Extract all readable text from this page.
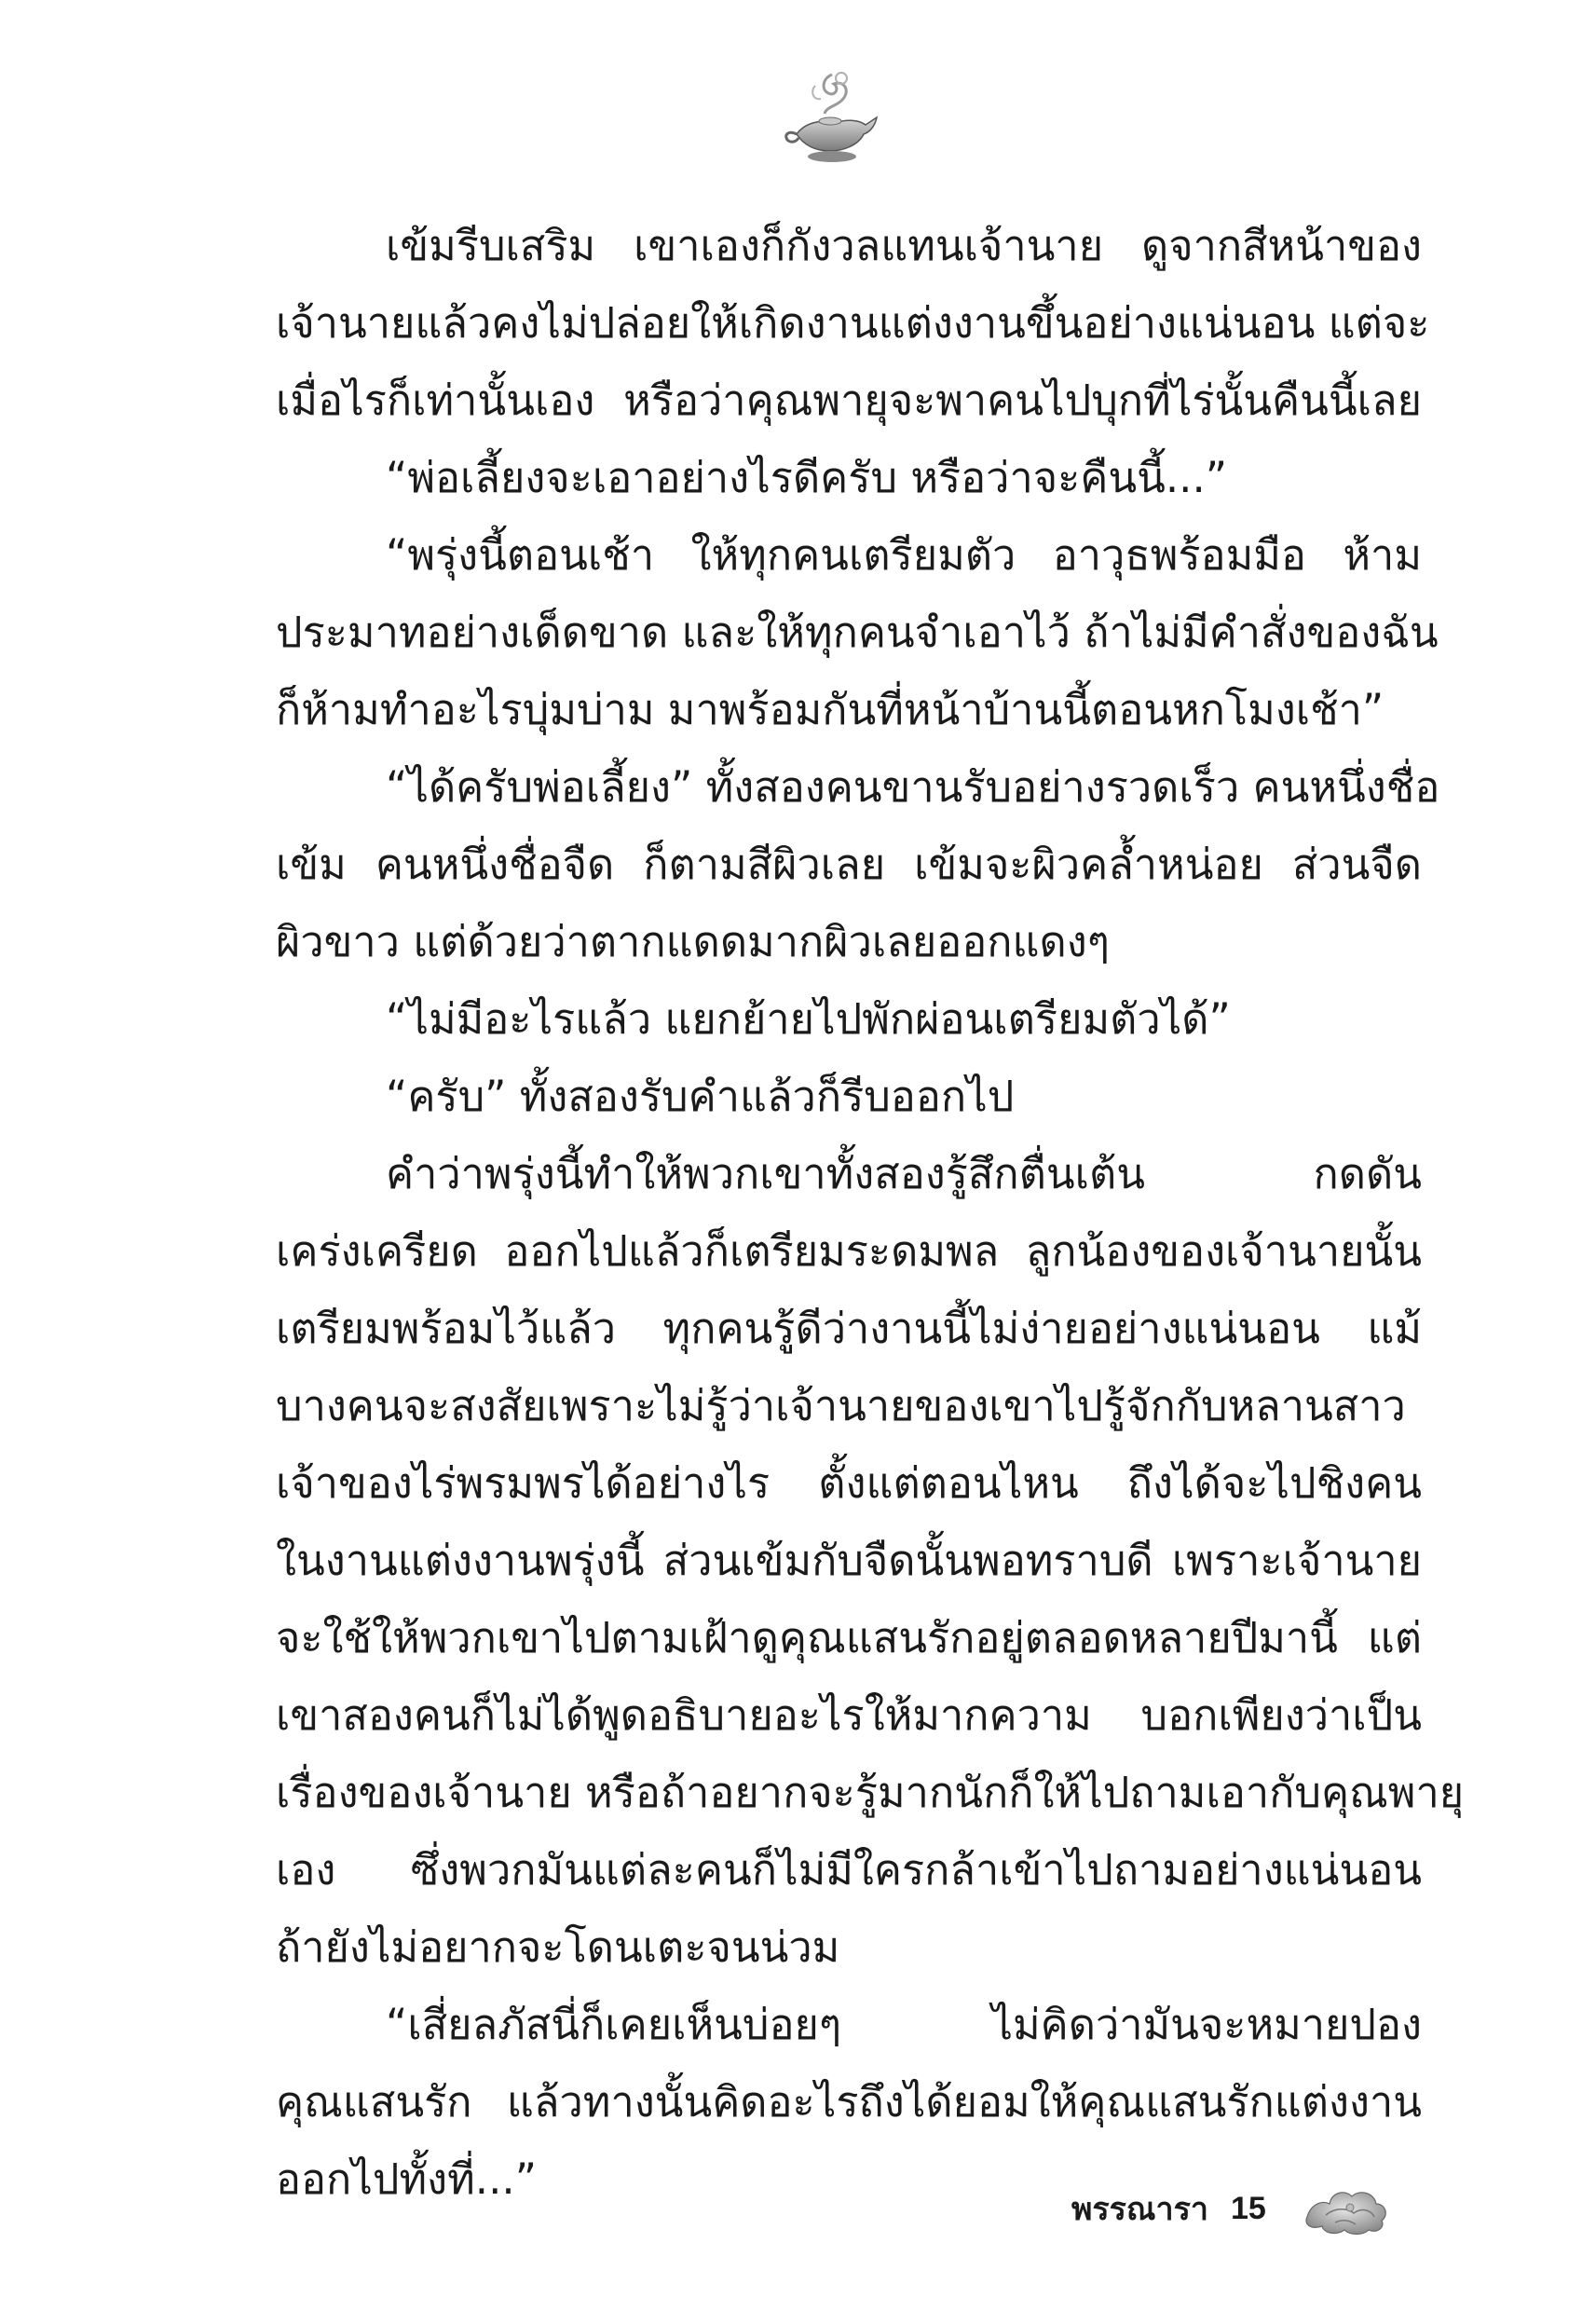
เข้มรีบเสริม เขาเองก็กังวลแทนเจ้านาย ดูจากสีหน้าของ
เจ้านายแล้วคงไม่ปล่อยให้เกิดงานแต่งงานขึ้นอย่างแน่นอน แต่จะ
เมื่อไรก็เท่านั้นเอง หรือว่าคุณพายุจะพาคนไปบุกที่ไร่นั้นคืนนี้เลย
“พ่อเลี้ยงจะเอาอย่างไรดีครับ หรือว่าจะคืนนี้...”
“พรุ่งนี้ตอนเช้า ให้ทุกคนเตรียมตัว อาวุธพร้อมมือ ห้าม
ประมาทอย่างเด็ดขาด และให้ทุกคนจำเอาไว้ ถ้าไม่มีคำสั่งของฉัน
ก็ห้ามทำอะไรบุ่มบ่าม มาพร้อมกันที่หน้าบ้านนี้ตอนหกโมงเช้า”
“ได้ครับพ่อเลี้ยง” ทั้งสองคนขานรับอย่างรวดเร็ว คนหนึ่งชื่อ
เข้ม คนหนึ่งชื่อจืด ก็ตามสีผิวเลย เข้มจะผิวคล้ำหน่อย ส่วนจืด
ผิวขาว แต่ด้วยว่าตากแดดมากผิวเลยออกแดงๆ
“ไม่มีอะไรแล้ว แยกย้ายไปพักผ่อนเตรียมตัวได้”
“ครับ” ทั้งสองรับคำแล้วก็รีบออกไป
คำว่าพรุ่งนี้ทำให้พวกเขาทั้งสองรู้สึกตื่นเต้น กดดัน
เคร่งเครียด ออกไปแล้วก็เตรียมระดมพล ลูกน้องของเจ้านายนั้น
เตรียมพร้อมไว้แล้ว ทุกคนรู้ดีว่างานนี้ไม่ง่ายอย่างแน่นอน แม้
บางคนจะสงสัยเพราะไม่รู้ว่าเจ้านายของเขาไปรู้จักกับหลานสาว
เจ้าของไร่พรมพรได้อย่างไร ตั้งแต่ตอนไหน ถึงได้จะไปชิงคน
ในงานแต่งงานพรุ่งนี้ ส่วนเข้มกับจืดนั้นพอทราบดี เพราะเจ้านาย
จะใช้ให้พวกเขาไปตามเฝ้าดูคุณแสนรักอยู่ตลอดหลายปีมานี้ แต่
เขาสองคนก็ไม่ได้พูดอธิบายอะไรให้มากความ บอกเพียงว่าเป็น
เรื่องของเจ้านาย หรือถ้าอยากจะรู้มากนักก็ให้ไปถามเอากับคุณพายุ
เอง ซึ่งพวกมันแต่ละคนก็ไม่มีใครกล้าเข้าไปถามอย่างแน่นอน
ถ้ายังไม่อยากจะโดนเตะจนน่วม
“เสี่ยลภัสนี่ก็เคยเห็นบ่อยๆ ไม่คิดว่ามันจะหมายปอง
คุณแสนรัก แล้วทางนั้นคิดอะไรถึงได้ยอมให้คุณแสนรักแต่งงาน
ออกไปทั้งที่...”
พรรณารา 15
